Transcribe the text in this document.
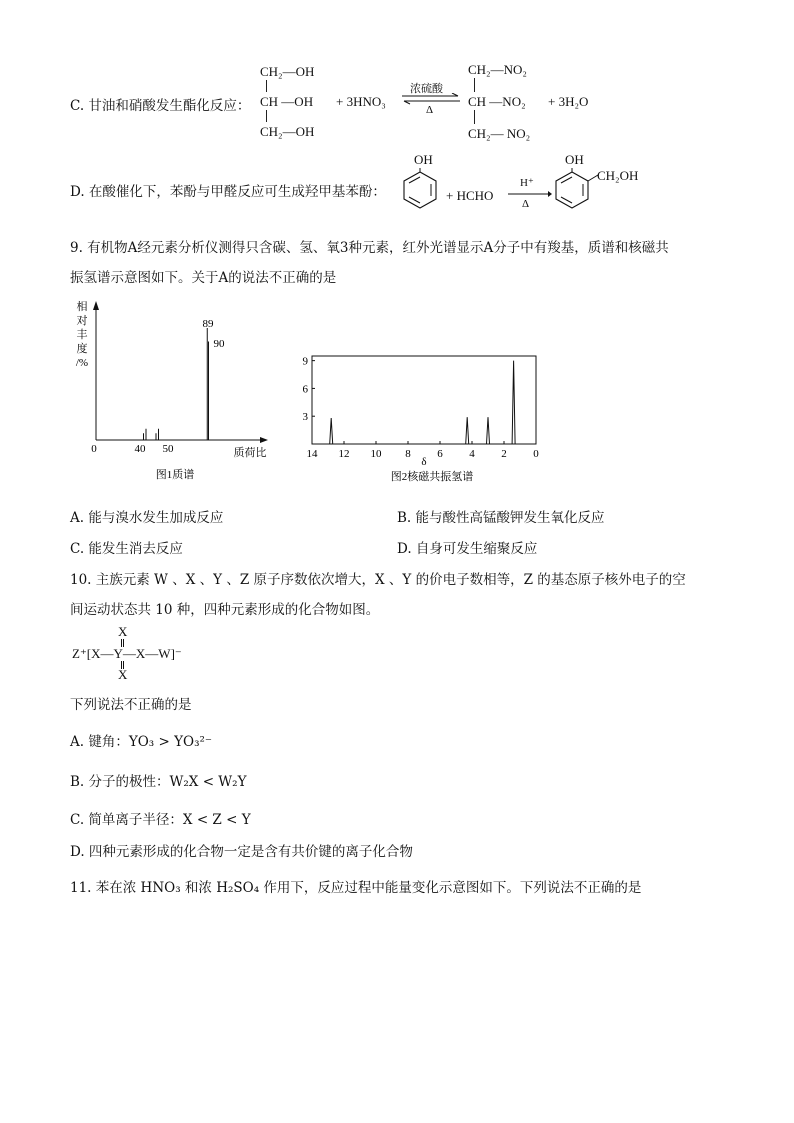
C. 甘油和硝酸发生酯化反应：
CH₂—OH
CH —OH
CH₂—OH
+ 3HNO₃
浓硫酸
Δ
CH₂—NO₂
CH —NO₂
CH₂— NO₂
+ 3H₂O
D. 在酸催化下，苯酚与甲醛反应可生成羟甲基苯酚：
OH
+ HCHO
H⁺
Δ
OH
CH₂OH
9. 有机物A经元素分析仪测得只含碳、氢、氧3种元素，红外光谱显示A分子中有羧基，质谱和核磁共
振氢谱示意图如下。关于A的说法不正确的是
相
对
丰
度
/%
0	40 50
89
90
质荷比
图1质谱
3
6
9
14 12 10 8 6 4 2 0
δ
图2核磁共振氢谱
A. 能与溴水发生加成反应	B. 能与酸性高锰酸钾发生氧化反应
C. 能发生消去反应	D. 自身可发生缩聚反应
10. 主族元素 W 、X 、Y 、Z 原子序数依次增大，X 、Y 的价电子数相等，Z 的基态原子核外电子的空
间运动状态共 10 种，四种元素形成的化合物如图。
X
Z⁺[X—Y—X—W]⁻
X
下列说法不正确的是
A. 键角：YO₃ > YO₃²⁻
B. 分子的极性：W₂X < W₂Y
C. 简单离子半径：X < Z < Y
D. 四种元素形成的化合物一定是含有共价键的离子化合物
11. 苯在浓 HNO₃ 和浓 H₂SO₄ 作用下，反应过程中能量变化示意图如下。下列说法不正确的是
